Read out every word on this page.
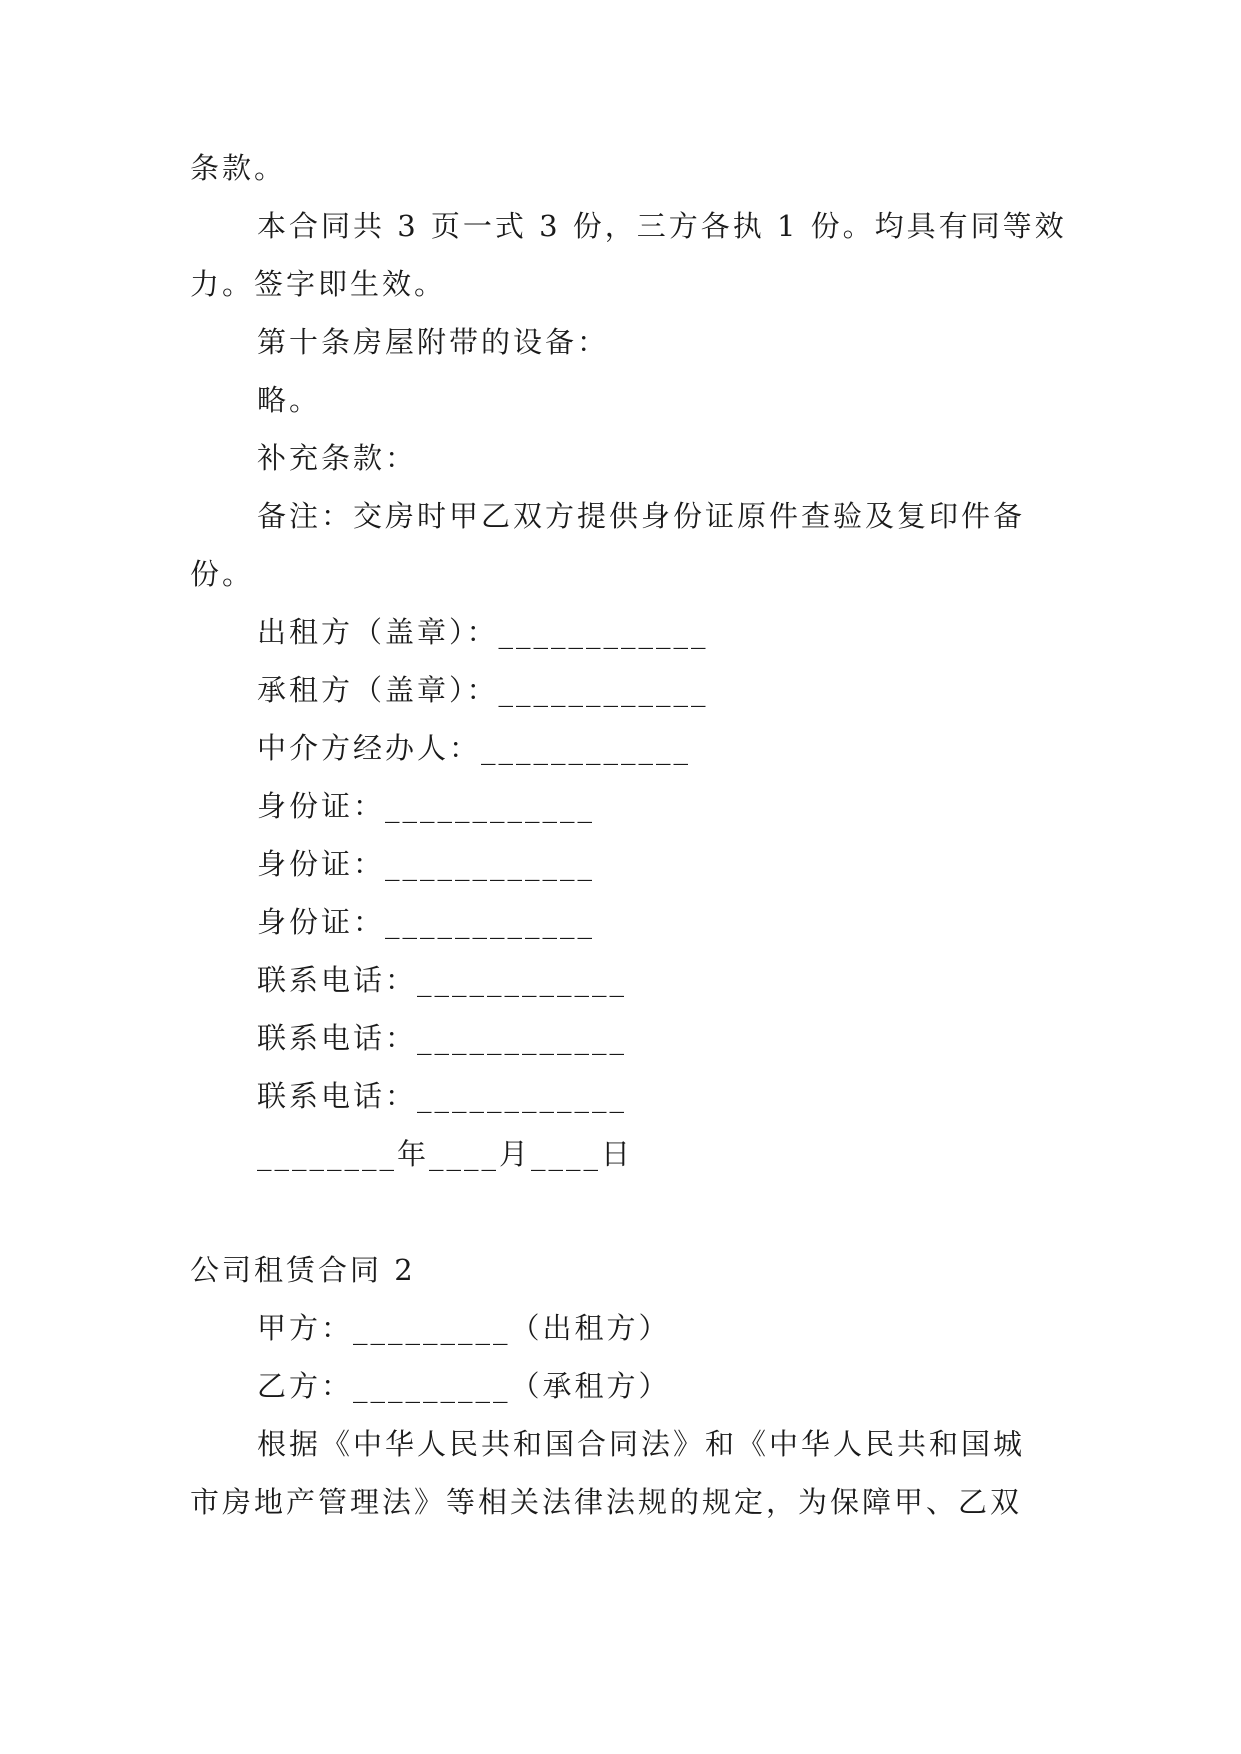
条款。
本合同共 3 页一式 3 份，三方各执 1 份。均具有同等效
力。签字即生效。
第十条房屋附带的设备：
略。
补充条款：
备注：交房时甲乙双方提供身份证原件查验及复印件备
份。
出租方（盖章）：____________
承租方（盖章）：____________
中介方经办人：____________
身份证：____________
身份证：____________
身份证：____________
联系电话：____________
联系电话：____________
联系电话：____________
________年____月____日
公司租赁合同 2
甲方：_________（出租方）
乙方：_________（承租方）
根据《中华人民共和国合同法》和《中华人民共和国城
市房地产管理法》等相关法律法规的规定，为保障甲、乙双
